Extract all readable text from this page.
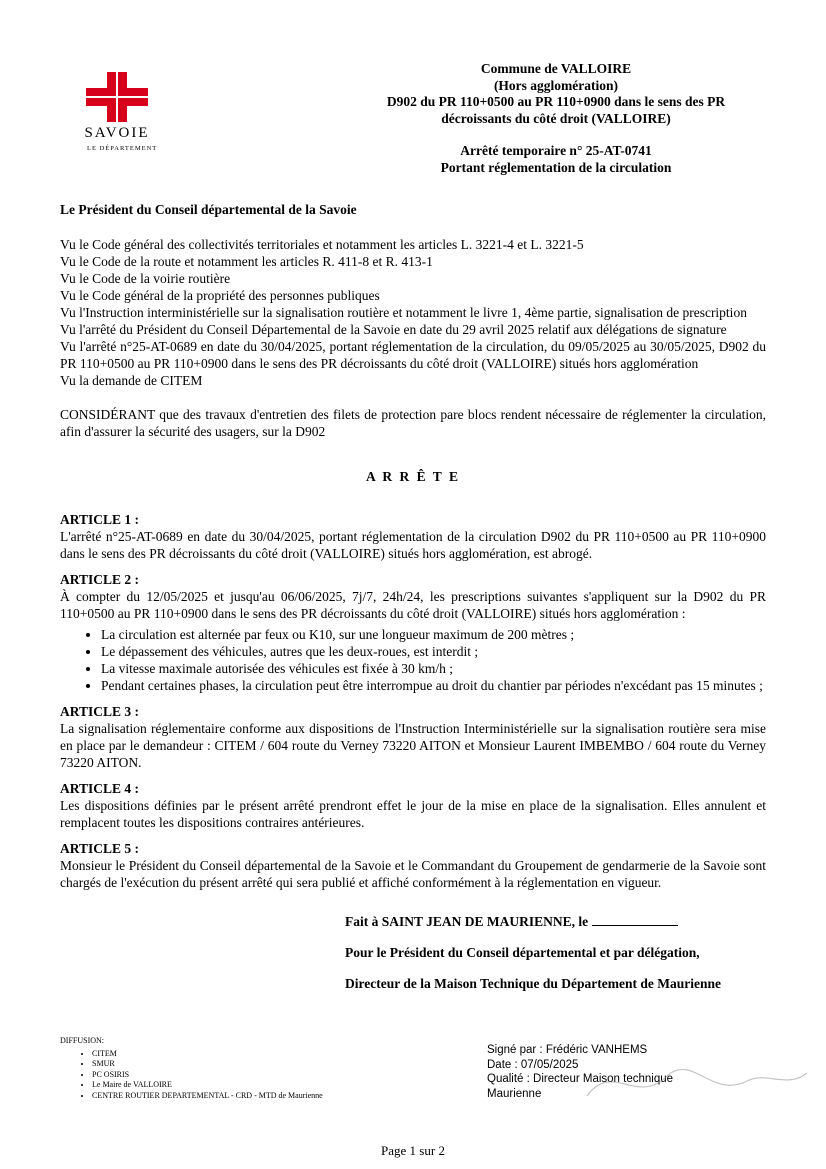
SAVOIE
LE DÉPARTEMENT

Commune de VALLOIRE

(Hors agglomération)

D902 du PR 110+0500 au PR 110+0900 dans le sens des PR

décroissants du côté droit (VALLOIRE)

Arrêté temporaire n° 25-AT-0741

Portant réglementation de la circulation

Le Président du Conseil départemental de la Savoie

Vu le Code général des collectivités territoriales et notamment les articles L. 3221-4 et L. 3221-5

Vu le Code de la route et notamment les articles R. 411-8 et R. 413-1

Vu le Code de la voirie routière

Vu le Code général de la propriété des personnes publiques

Vu l'Instruction interministérielle sur la signalisation routière et notamment le livre 1, 4ème partie, signalisation de prescription

Vu l'arrêté du Président du Conseil Départemental de la Savoie en date du 29 avril 2025 relatif aux délégations de signature

Vu l'arrêté n°25-AT-0689 en date du 30/04/2025, portant réglementation de la circulation, du 09/05/2025 au 30/05/2025, D902 du PR 110+0500 au PR 110+0900 dans le sens des PR décroissants du côté droit (VALLOIRE) situés hors agglomération

Vu la demande de CITEM

CONSIDÉRANT que des travaux d'entretien des filets de protection pare blocs rendent nécessaire de réglementer la circulation, afin d'assurer la sécurité des usagers, sur la D902

A R R Ê T E

ARTICLE 1 :

L'arrêté n°25-AT-0689 en date du 30/04/2025, portant réglementation de la circulation D902 du PR 110+0500 au PR 110+0900 dans le sens des PR décroissants du côté droit (VALLOIRE) situés hors agglomération, est abrogé.

ARTICLE 2 :

À compter du 12/05/2025 et jusqu'au 06/06/2025, 7j/7, 24h/24, les prescriptions suivantes s'appliquent sur la D902 du PR 110+0500 au PR 110+0900 dans le sens des PR décroissants du côté droit (VALLOIRE) situés hors agglomération :

• La circulation est alternée par feux ou K10, sur une longueur maximum de 200 mètres ;
• Le dépassement des véhicules, autres que les deux-roues, est interdit ;
• La vitesse maximale autorisée des véhicules est fixée à 30 km/h ;
• Pendant certaines phases, la circulation peut être interrompue au droit du chantier par périodes n'excédant pas 15 minutes ;

ARTICLE 3 :

La signalisation réglementaire conforme aux dispositions de l'Instruction Interministérielle sur la signalisation routière sera mise en place par le demandeur : CITEM / 604 route du Verney 73220 AITON et Monsieur Laurent IMBEMBO / 604 route du Verney 73220 AITON.

ARTICLE 4 :

Les dispositions définies par le présent arrêté prendront effet le jour de la mise en place de la signalisation. Elles annulent et remplacent toutes les dispositions contraires antérieures.

ARTICLE 5 :

Monsieur le Président du Conseil départemental de la Savoie et le Commandant du Groupement de gendarmerie de la Savoie sont chargés de l'exécution du présent arrêté qui sera publié et affiché conformément à la réglementation en vigueur.

Fait à SAINT JEAN DE MAURIENNE, le

Pour le Président du Conseil départemental et par délégation,

Directeur de la Maison Technique du Département de Maurienne

DIFFUSION:
• CITEM
• SMUR
• PC OSIRIS
• Le Maire de VALLOIRE
• CENTRE ROUTIER DEPARTEMENTAL - CRD - MTD de Maurienne

Signé par : Frédéric VANHEMS

Date : 07/05/2025

Qualité : Directeur Maison technique

Maurienne

Page 1 sur 2
